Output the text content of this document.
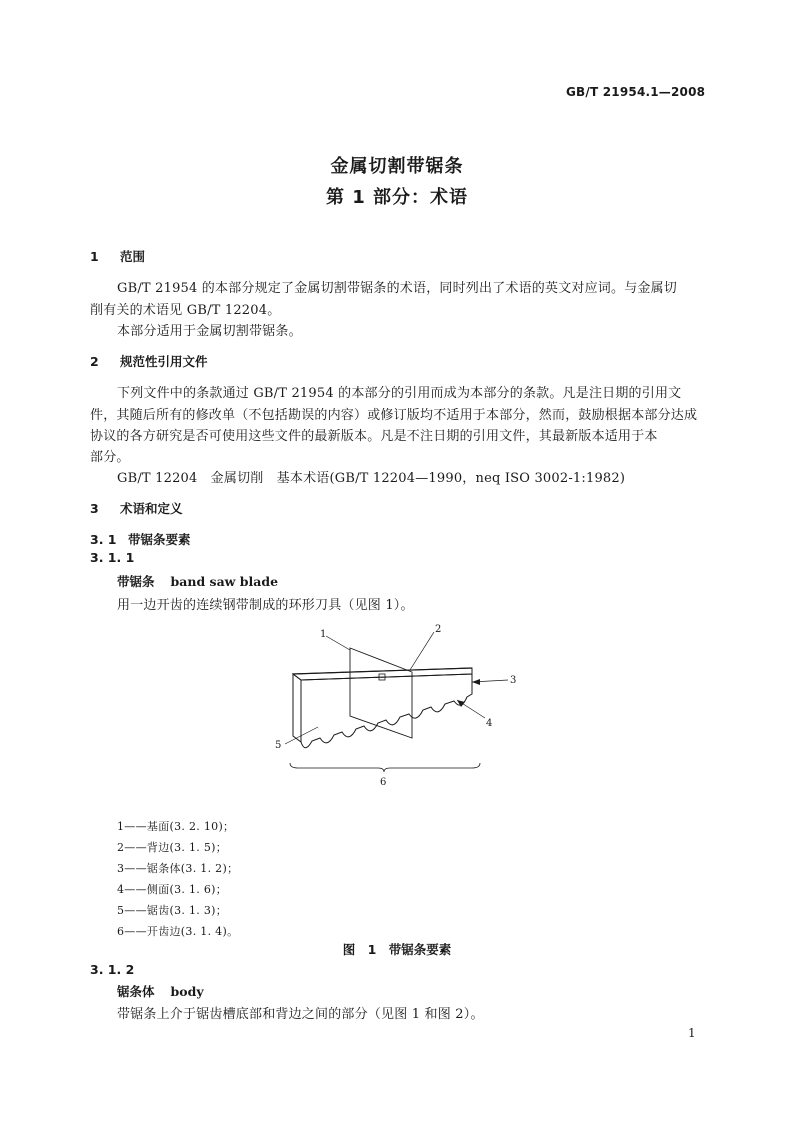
GB/T 21954.1—2008
金属切割带锯条
第 1 部分：术语
1 范围
GB/T 21954 的本部分规定了金属切割带锯条的术语，同时列出了术语的英文对应词。与金属切
削有关的术语见 GB/T 12204。
本部分适用于金属切割带锯条。
2 规范性引用文件
下列文件中的条款通过 GB/T 21954 的本部分的引用而成为本部分的条款。凡是注日期的引用文
件，其随后所有的修改单（不包括勘误的内容）或修订版均不适用于本部分，然而，鼓励根据本部分达成
协议的各方研究是否可使用这些文件的最新版本。凡是不注日期的引用文件，其最新版本适用于本
部分。
GB/T 12204　金属切削　基本术语(GB/T 12204—1990，neq ISO 3002-1:1982)
3 术语和定义
3. 1 带锯条要素
3. 1. 1
带锯条 band saw blade
用一边开齿的连续钢带制成的环形刀具（见图 1）。
1	2
3
4
5
6
1——基面(3. 2. 10)；
2——背边(3. 1. 5)；
3——锯条体(3. 1. 2)；
4——侧面(3. 1. 6)；
5——锯齿(3. 1. 3)；
6——开齿边(3. 1. 4)。
图 1　带锯条要素
3. 1. 2
锯条体 body
带锯条上介于锯齿槽底部和背边之间的部分（见图 1 和图 2）。
1
